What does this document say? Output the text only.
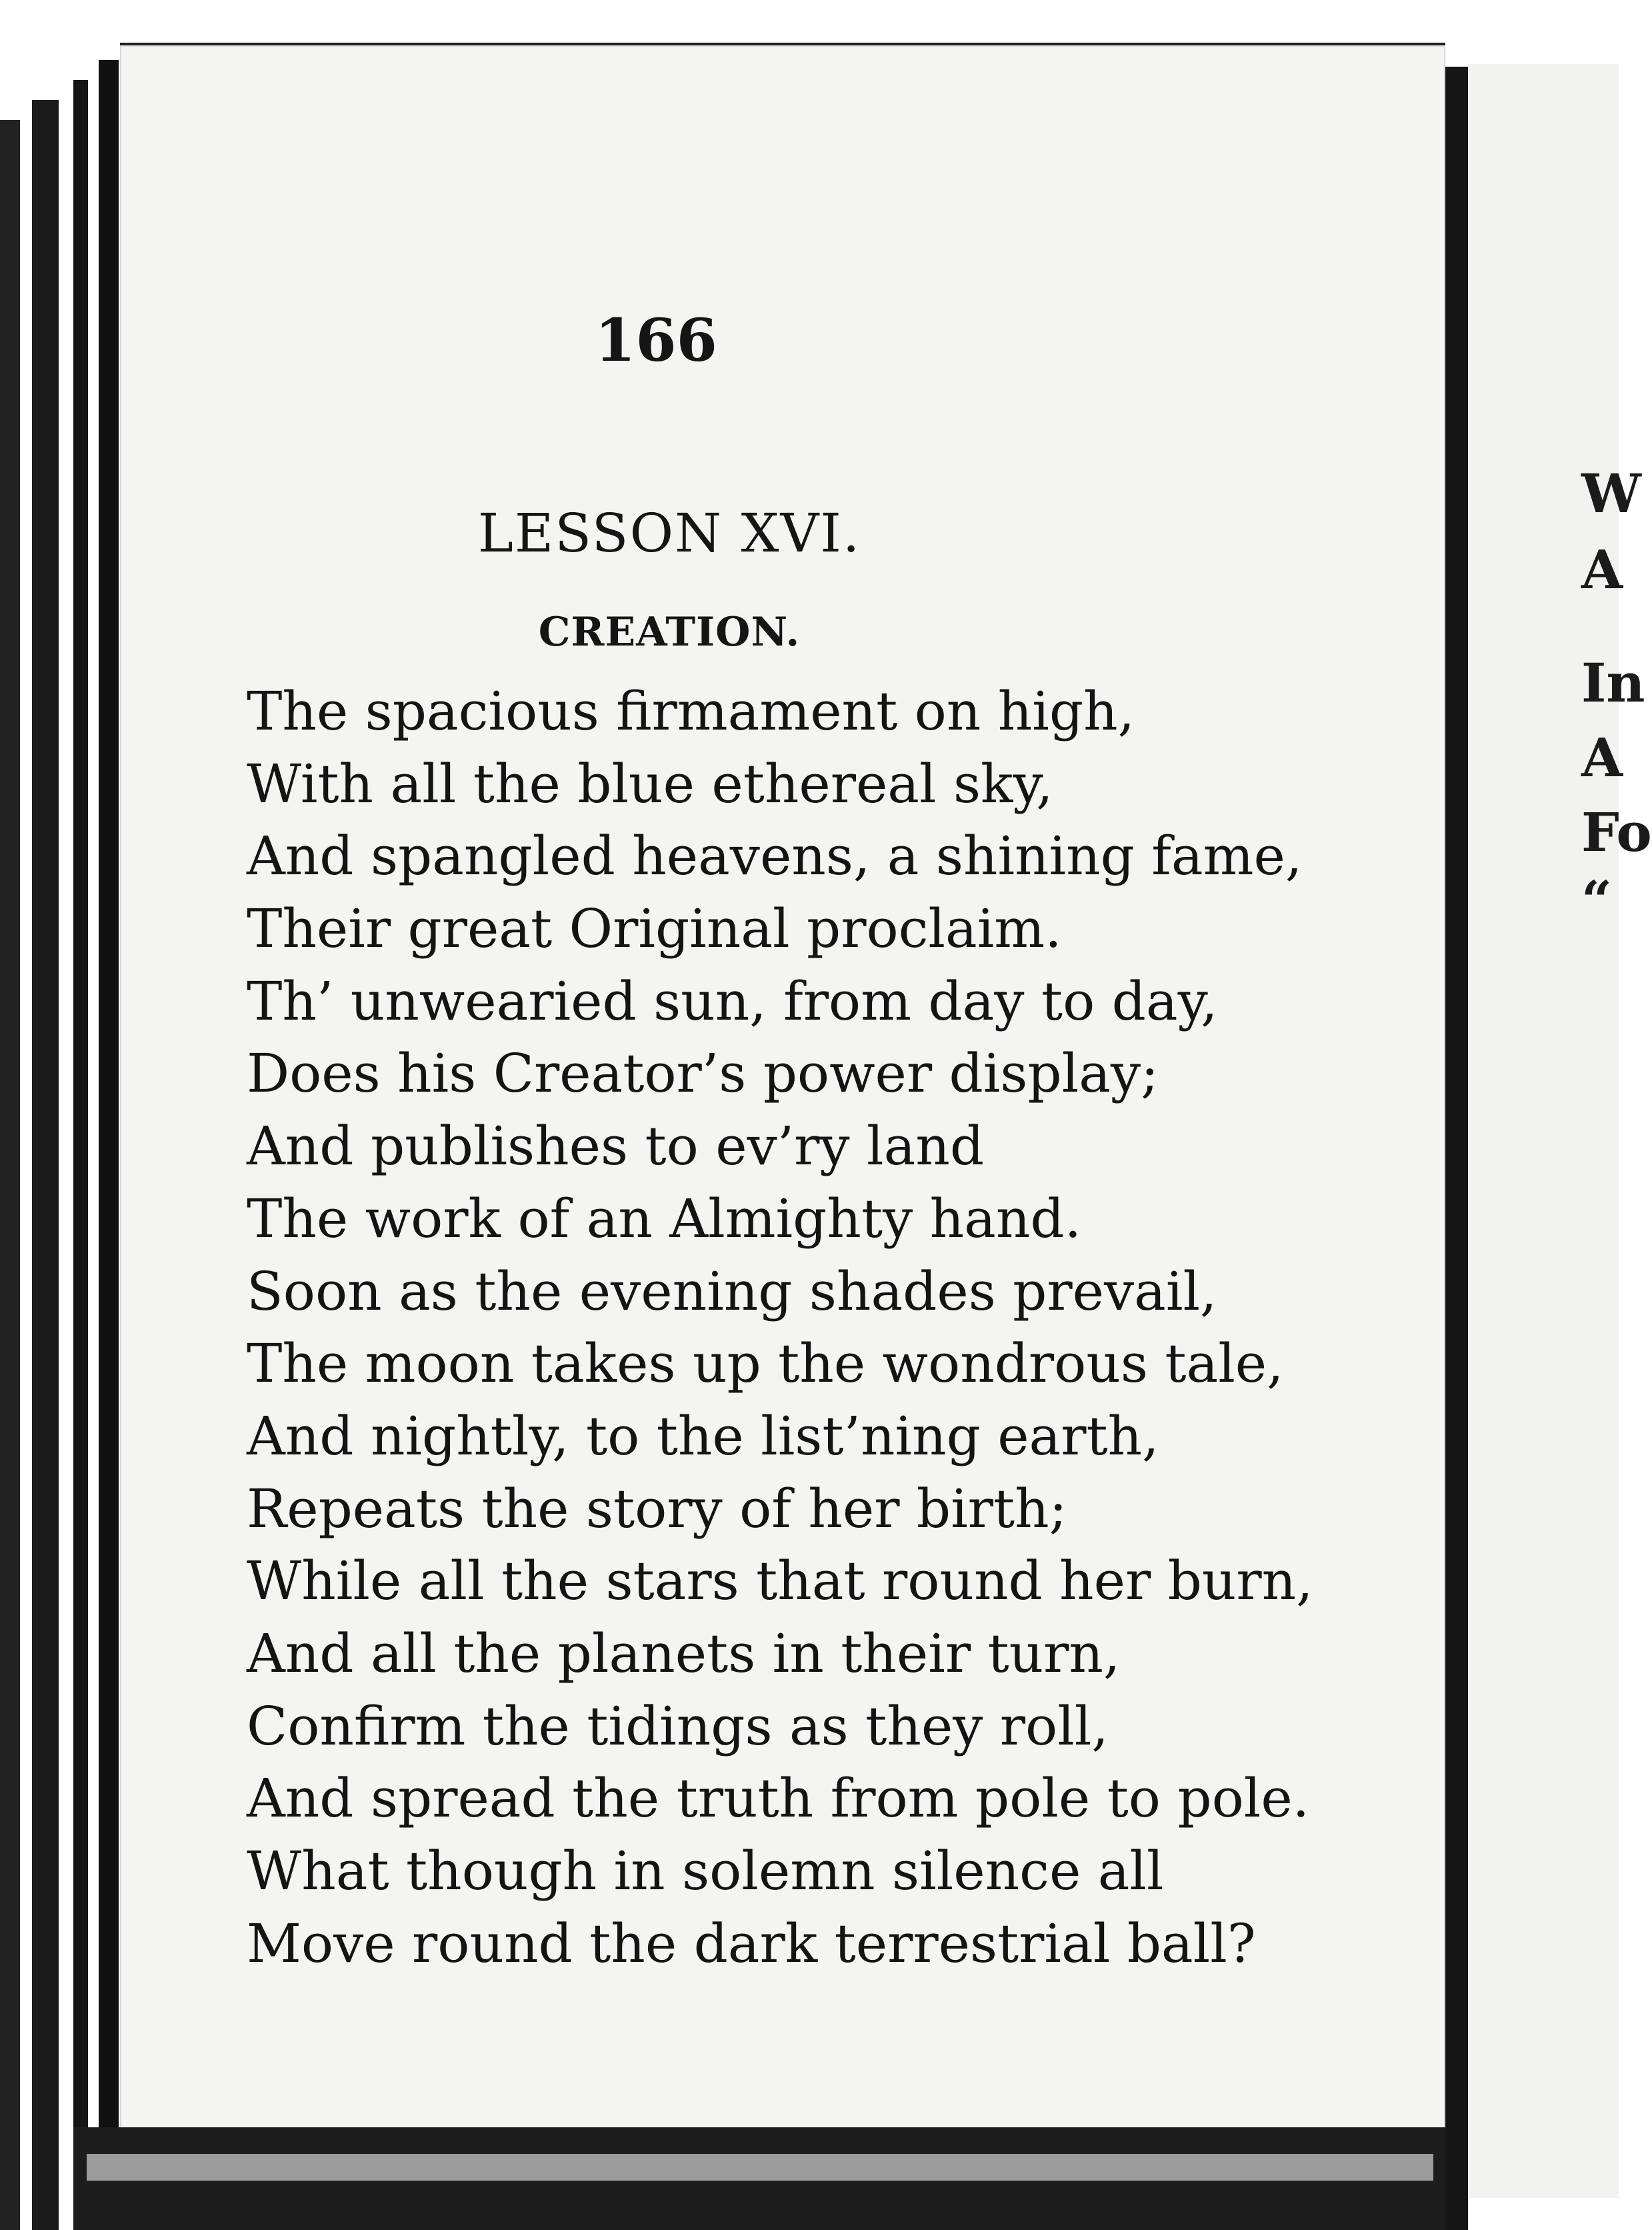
166
LESSON XVI.
CREATION.
The spacious firmament on high,
With all the blue ethereal sky,
And spangled heavens, a shining fame,
Their great Original proclaim.
Th’ unwearied sun, from day to day,
Does his Creator’s power display;
And publishes to ev’ry land
The work of an Almighty hand.
Soon as the evening shades prevail,
The moon takes up the wondrous tale,
And nightly, to the list’ning earth,
Repeats the story of her birth;
While all the stars that round her burn,
And all the planets in their turn,
Confirm the tidings as they roll,
And spread the truth from pole to pole.
What though in solemn silence all
Move round the dark terrestrial ball?
W
A
In
A
Fo
“
